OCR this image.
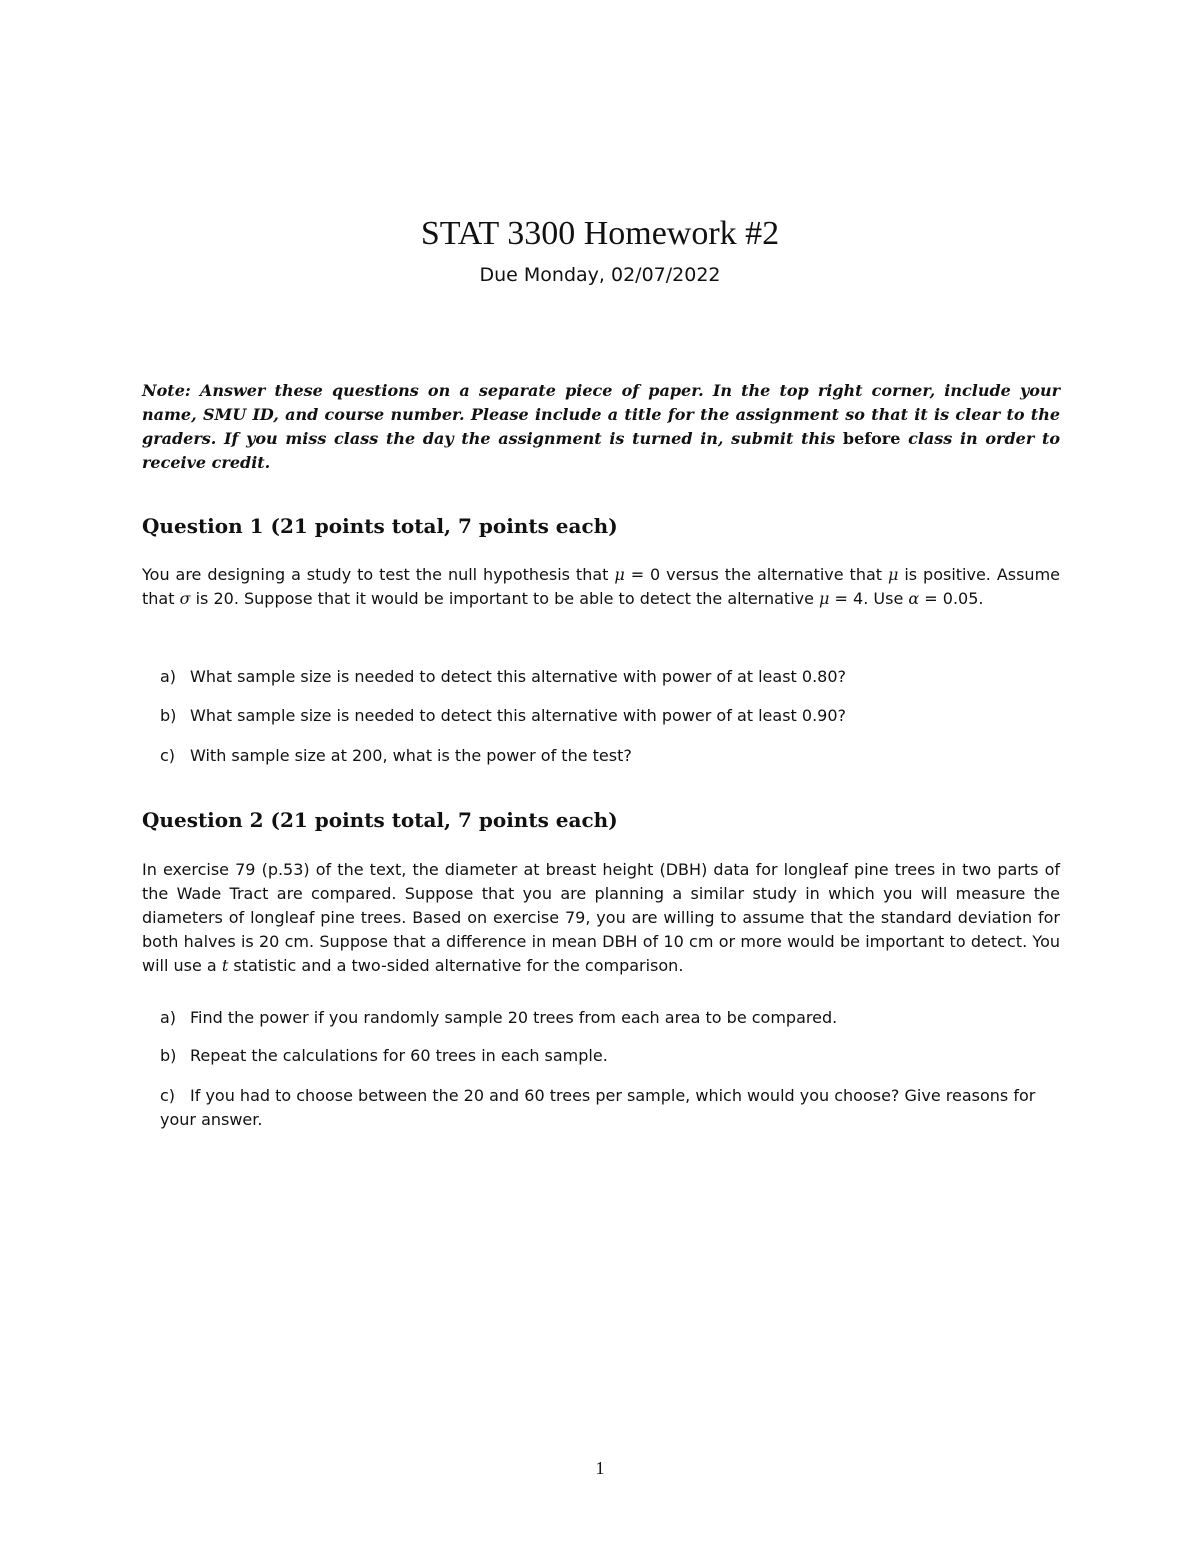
STAT 3300 Homework #2
Due Monday, 02/07/2022
Note: Answer these questions on a separate piece of paper. In the top right corner, include your name, SMU ID, and course number. Please include a title for the assignment so that it is clear to the graders. If you miss class the day the assignment is turned in, submit this before class in order to receive credit.
Question 1 (21 points total, 7 points each)
You are designing a study to test the null hypothesis that μ = 0 versus the alternative that μ is positive. Assume that σ is 20. Suppose that it would be important to be able to detect the alternative μ = 4. Use α = 0.05.
a) What sample size is needed to detect this alternative with power of at least 0.80?
b) What sample size is needed to detect this alternative with power of at least 0.90?
c) With sample size at 200, what is the power of the test?
Question 2 (21 points total, 7 points each)
In exercise 79 (p.53) of the text, the diameter at breast height (DBH) data for longleaf pine trees in two parts of the Wade Tract are compared. Suppose that you are planning a similar study in which you will measure the diameters of longleaf pine trees. Based on exercise 79, you are willing to assume that the standard deviation for both halves is 20 cm. Suppose that a difference in mean DBH of 10 cm or more would be important to detect. You will use a t statistic and a two-sided alternative for the comparison.
a) Find the power if you randomly sample 20 trees from each area to be compared.
b) Repeat the calculations for 60 trees in each sample.
c) If you had to choose between the 20 and 60 trees per sample, which would you choose? Give reasons for your answer.
1
